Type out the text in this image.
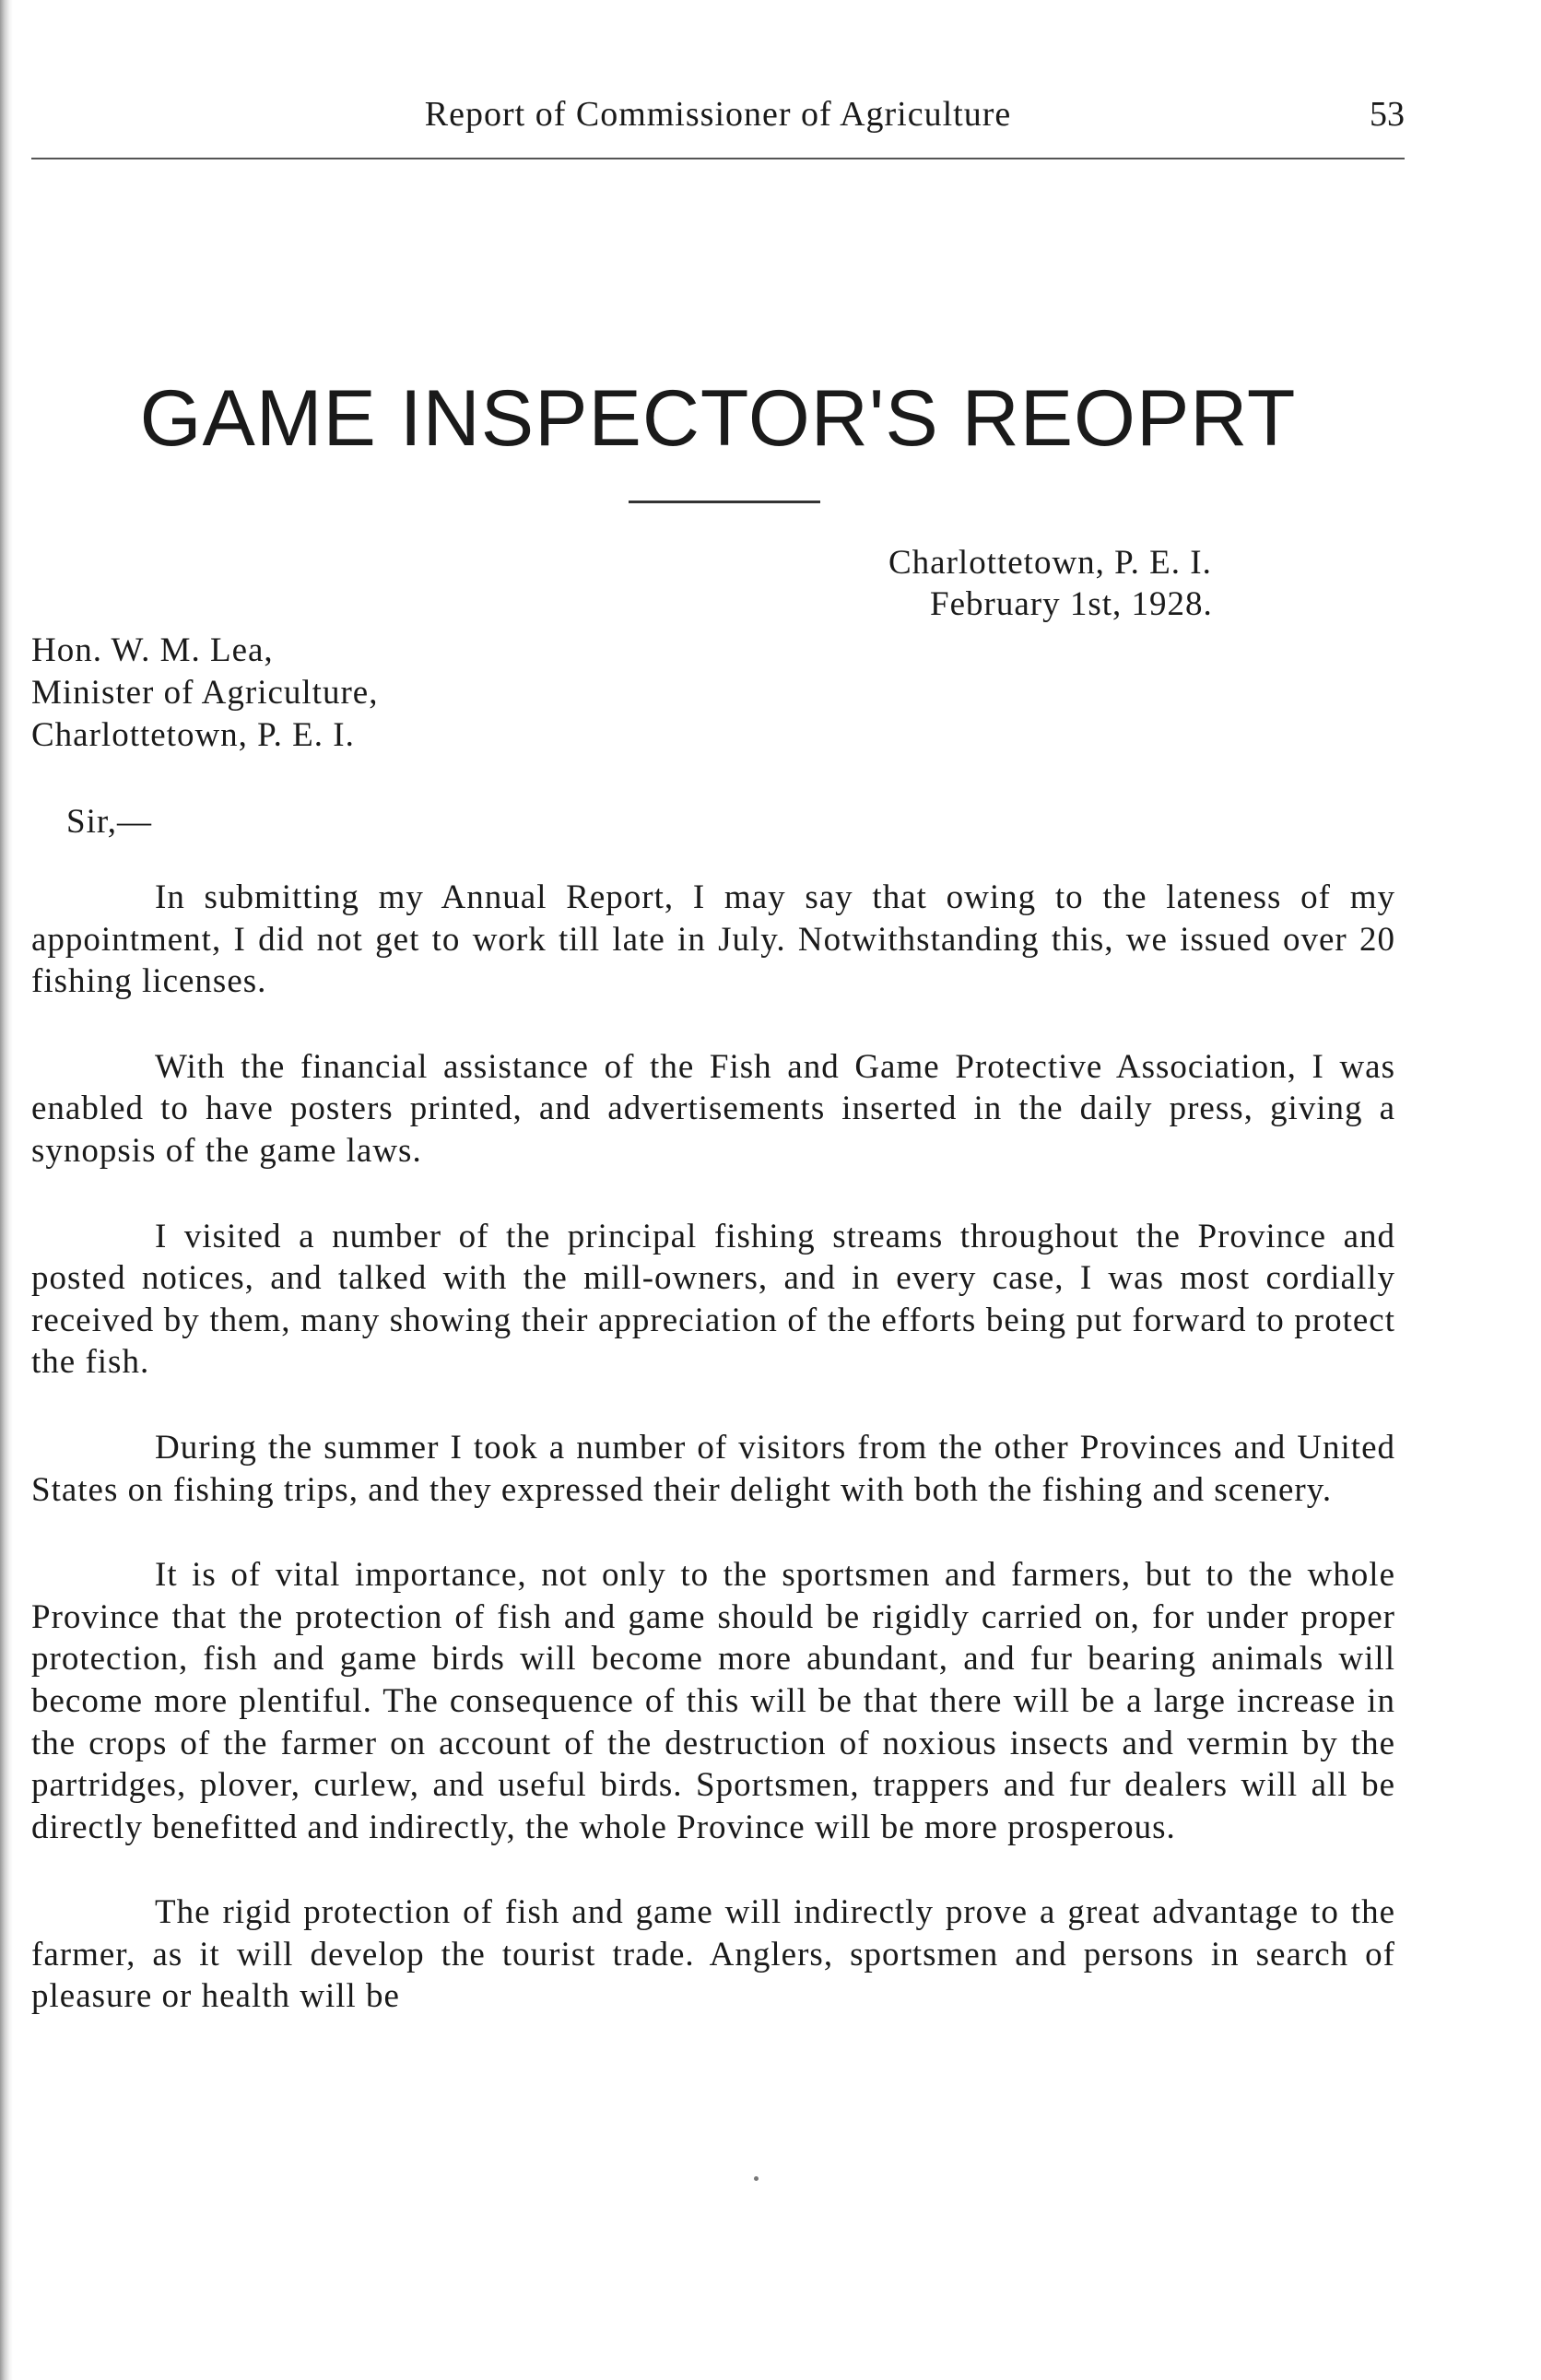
Report of Commissioner of Agriculture	53
GAME INSPECTOR'S REOPRT
Charlottetown, P. E. I.
February 1st, 1928.
Hon. W. M. Lea,
Minister of Agriculture,
Charlottetown, P. E. I.
Sir,—

In submitting my Annual Report, I may say that owing to the lateness of my appointment, I did not get to work till late in July. Notwithstanding this, we issued over 20 fishing licenses.

With the financial assistance of the Fish and Game Protective Association, I was enabled to have posters printed, and advertisements inserted in the daily press, giving a synopsis of the game laws.

I visited a number of the principal fishing streams throughout the Province and posted notices, and talked with the mill-owners, and in every case, I was most cordially received by them, many showing their appreciation of the efforts being put forward to protect the fish.

During the summer I took a number of visitors from the other Provinces and United States on fishing trips, and they expressed their delight with both the fishing and scenery.

It is of vital importance, not only to the sportsmen and farmers, but to the whole Province that the protection of fish and game should be rigidly carried on, for under proper protection, fish and game birds will become more abundant, and fur bearing animals will become more plentiful. The consequence of this will be that there will be a large increase in the crops of the farmer on account of the destruction of noxious insects and vermin by the partridges, plover, curlew, and useful birds. Sportsmen, trappers and fur dealers will all be directly benefitted and indirectly, the whole Province will be more prosperous.

The rigid protection of fish and game will indirectly prove a great advantage to the farmer, as it will develop the tourist trade. Anglers, sportsmen and persons in search of pleasure or health will be
